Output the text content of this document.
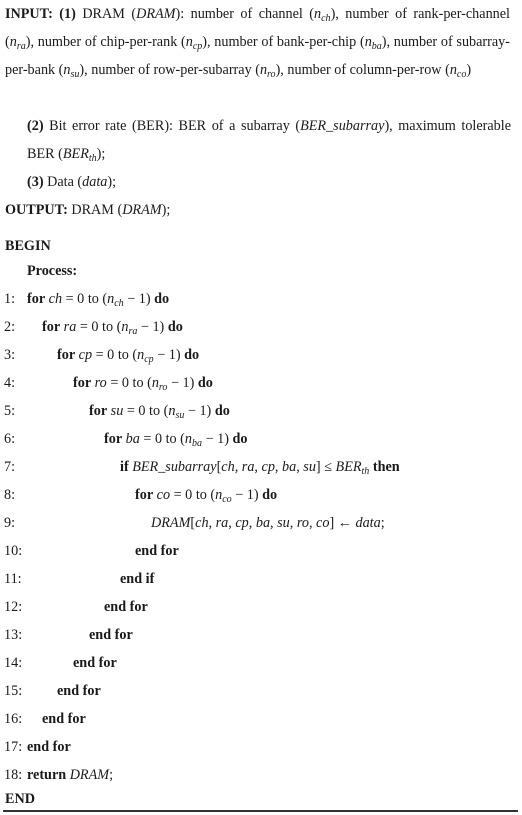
INPUT: (1) DRAM (DRAM): number of channel $(n_{ch})$, number of rank-per-channel $(n_{ra})$, number of chip-per-rank $(n_{cp})$, number of bank-per-chip $(n_{ba})$, number of subarray-per-bank $(n_{su})$, number of row-per-subarray $(n_{ro})$, number of column-per-row $(n_{co})$
(2) Bit error rate (BER): BER of a subarray (BER_subarray), maximum tolerable BER $(BER_{th})$;
(3) Data (data);
OUTPUT: DRAM (DRAM);
BEGIN
Process:
1: for ch = 0 to $(n_{ch} - 1)$ do
2:	for ra = 0 to $(n_{ra} - 1)$ do
3:	for cp = 0 to $(n_{cp} - 1)$ do
4:	for ro = 0 to $(n_{ro} - 1)$ do
5:	for su = 0 to $(n_{su} - 1)$ do
6:	for ba = 0 to $(n_{ba} - 1)$ do
7:	if BER_subarray[ch, ra, cp, ba, $su] \le BER_{th}$ then
8:	for co = 0 to $(n_{co} - 1)$ do
9:	DRAM[ch, ra, cp, ba, su, ro, co] ← data;
10:	end for
11:	end if
12:	end for
13:	end for
14:	end for
15:	end for
16:	end for
17: end for
18: return DRAM;
END
